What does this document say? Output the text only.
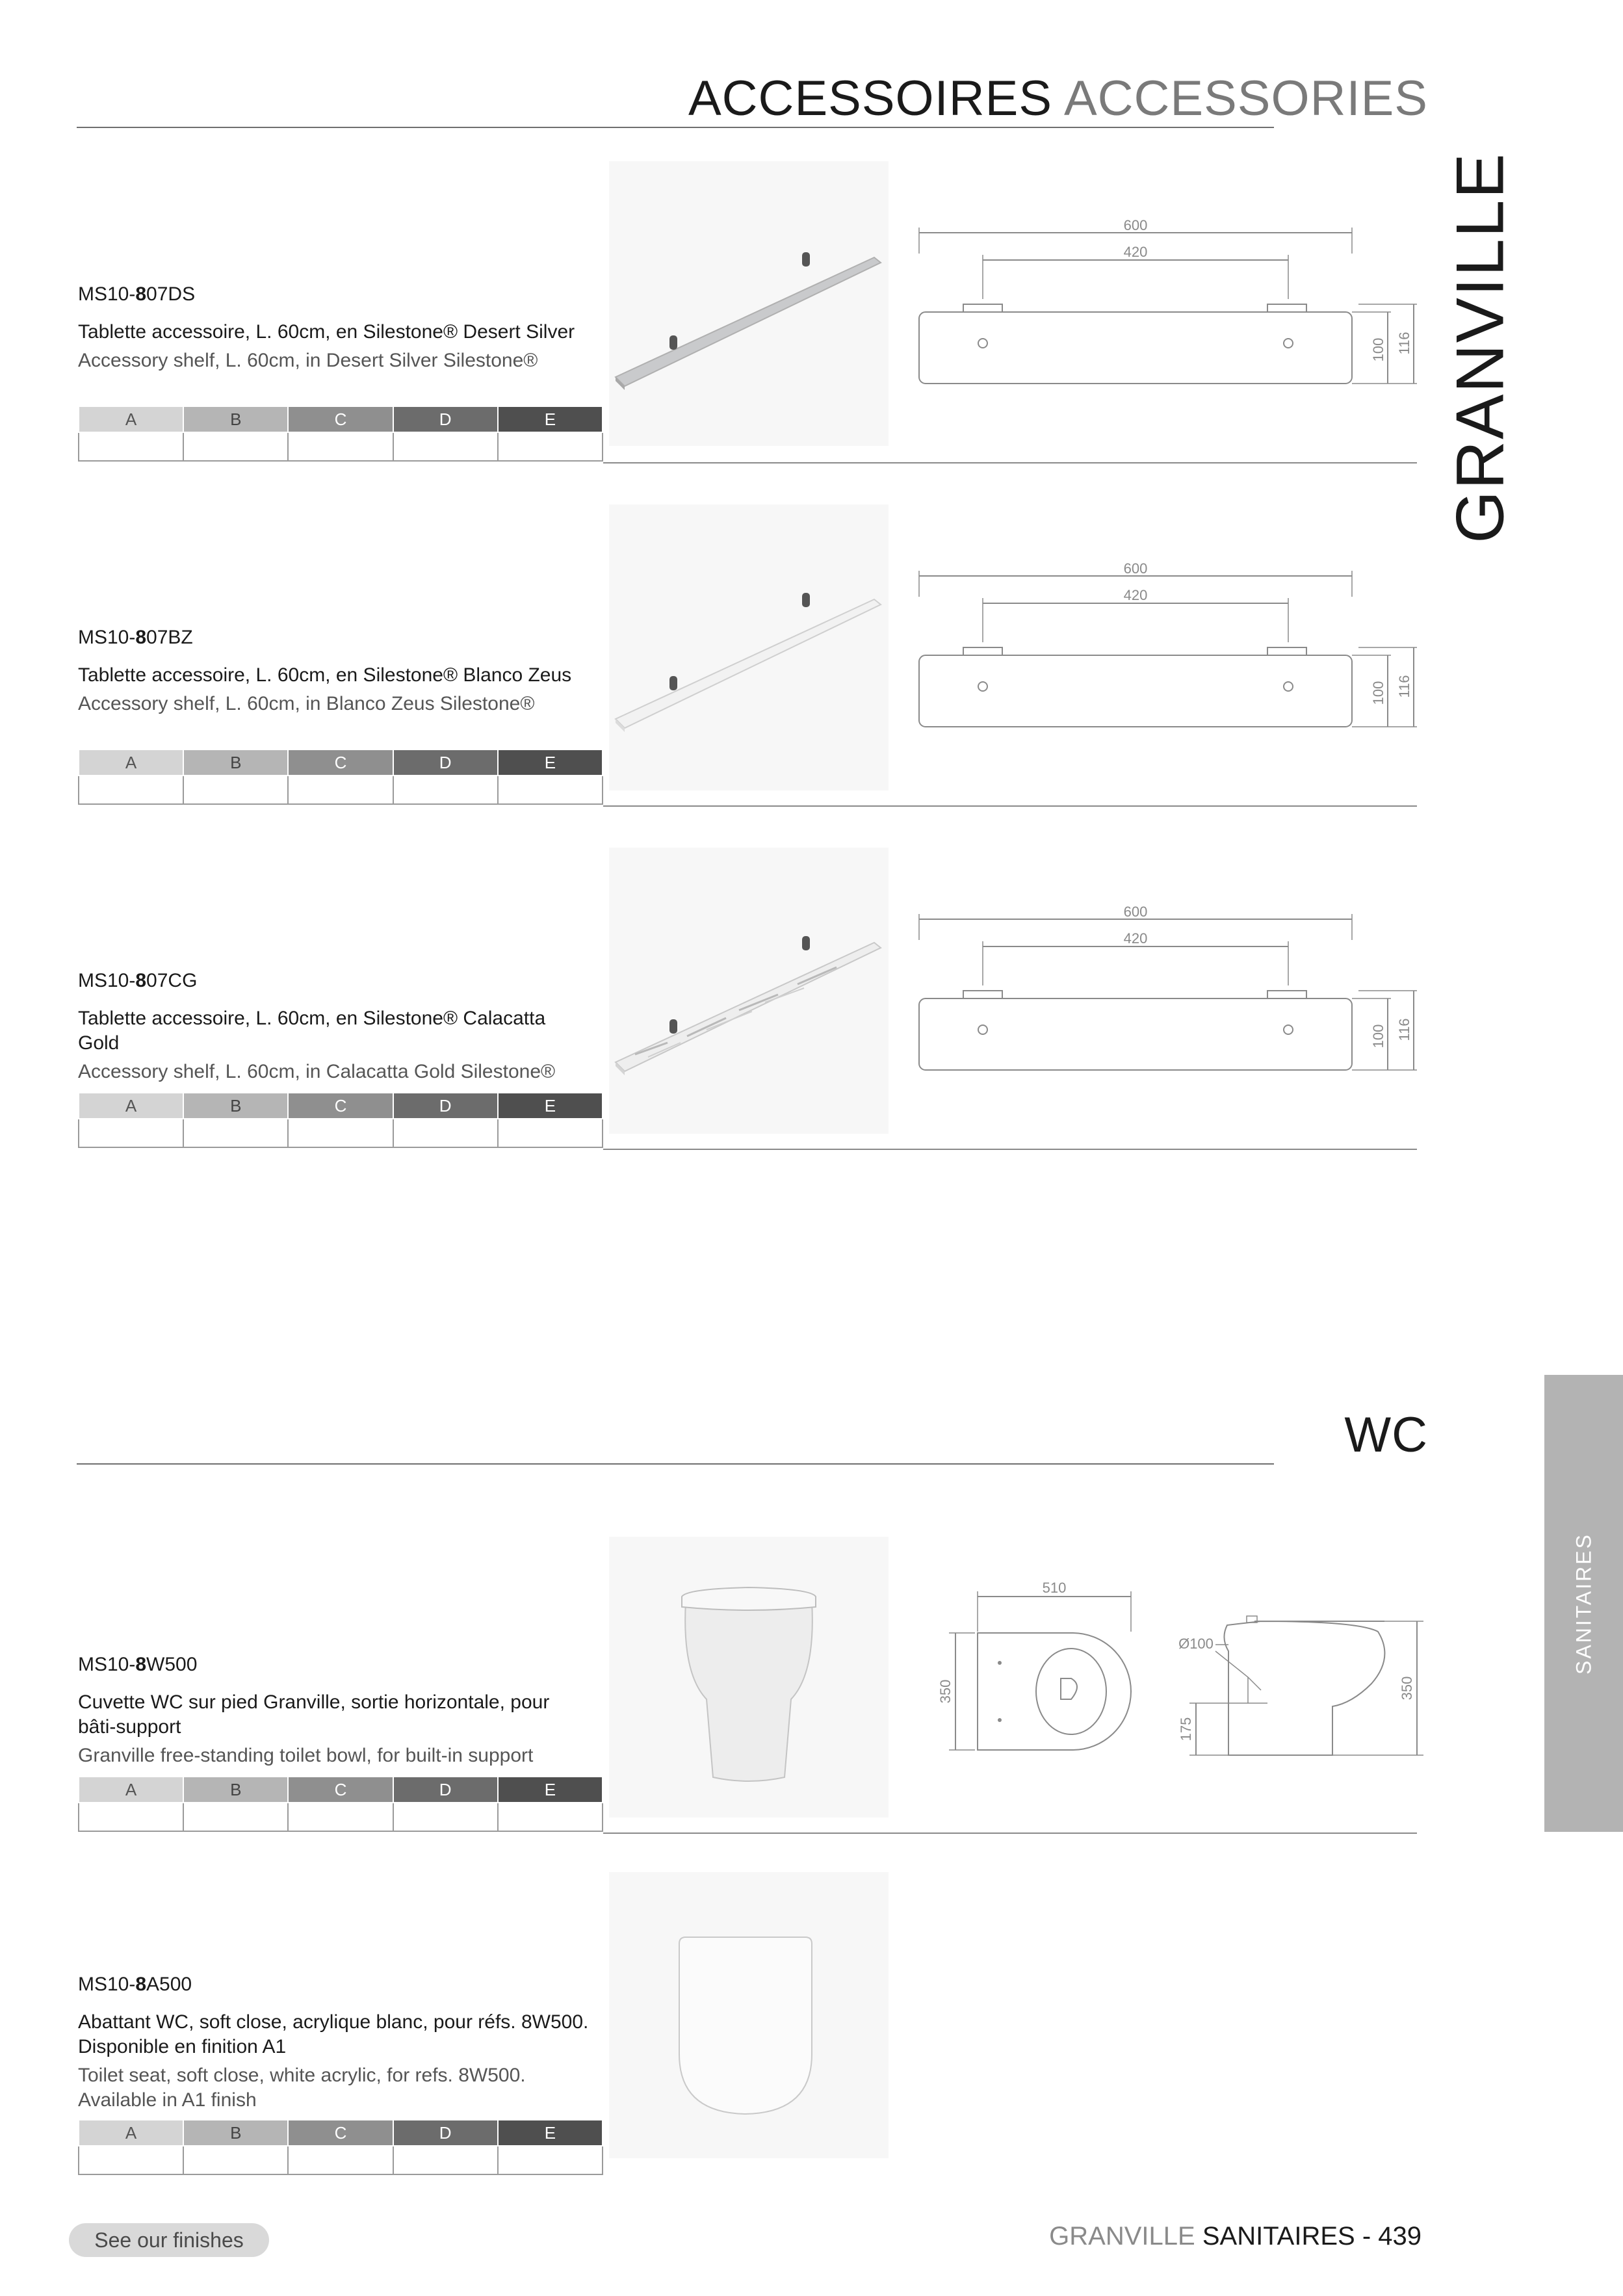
ACCESSOIRES ACCESSORIES
GRANVILLE
SANITAIRES
600
420
100 116
MS10-807DS
Tablette accessoire, L. 60cm, en Silestone® Desert Silver
Accessory shelf, L. 60cm, in Desert Silver Silestone®
A	B	C	D	E

600
420
100 116
MS10-807BZ
Tablette accessoire, L. 60cm, en Silestone® Blanco Zeus
Accessory shelf, L. 60cm, in Blanco Zeus Silestone®
A	B	C	D	E

600
420
100 116
MS10-807CG
Tablette accessoire, L. 60cm, en Silestone® Calacatta Gold
Accessory shelf, L. 60cm, in Calacatta Gold Silestone®
A	B	C	D	E

WC
510
350
Ø100
175
350
MS10-8W500
Cuvette WC sur pied Granville, sortie horizontale, pour bâti-support
Granville free-standing toilet bowl, for built-in support
A	B	C	D	E

MS10-8A500
Abattant WC, soft close, acrylique blanc, pour réfs. 8W500. Disponible en finition A1
Toilet seat, soft close, white acrylic, for refs. 8W500. Available in A1 finish
A	B	C	D	E

See our finishes	GRANVILLE SANITAIRES - 439
